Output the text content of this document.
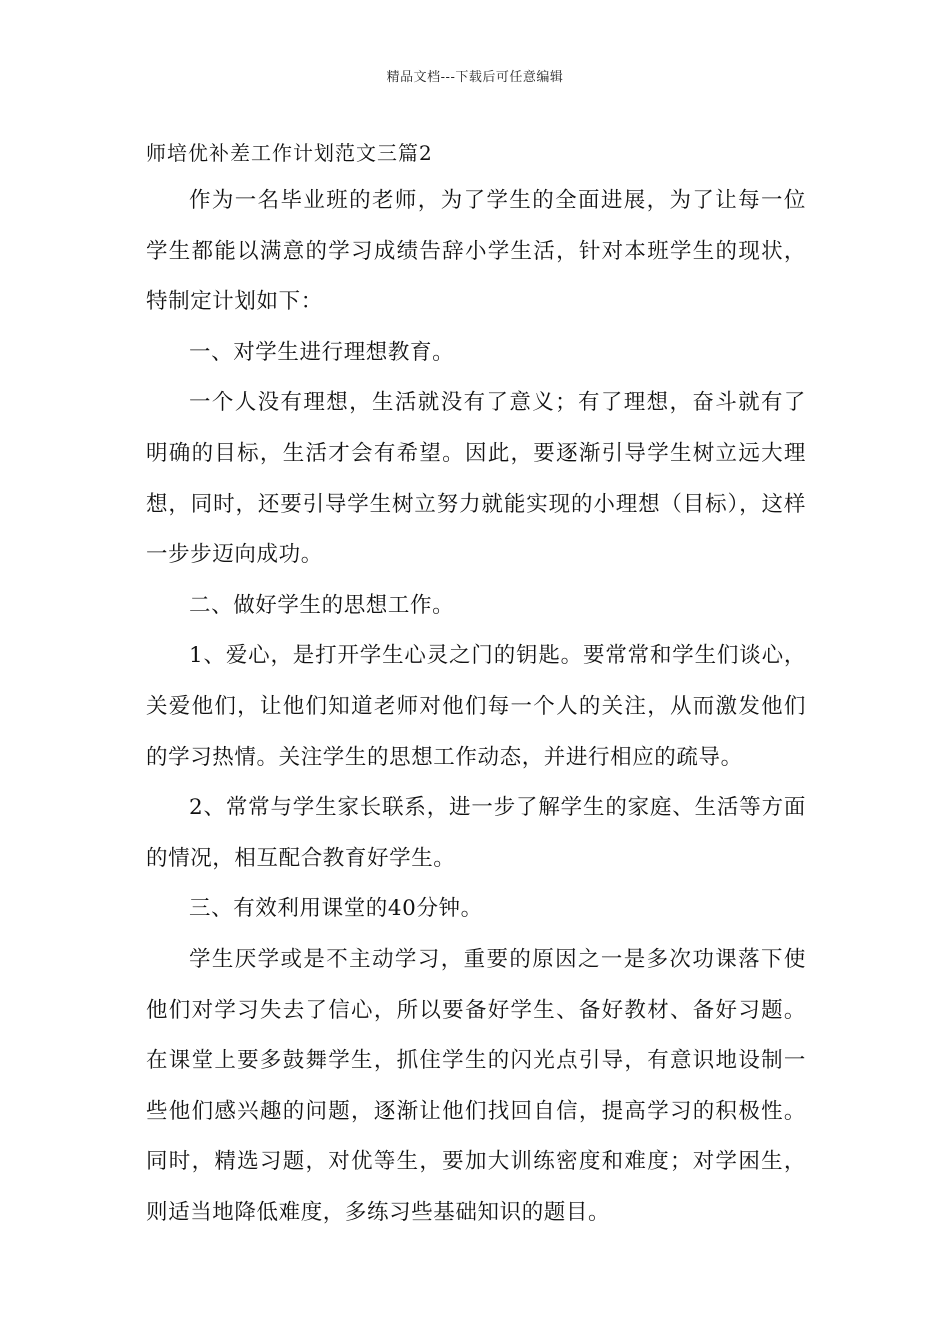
精品文档---下载后可任意编辑
师培优补差工作计划范文三篇2

作为一名毕业班的老师，为了学生的全面进展，为了让每一位学生都能以满意的学习成绩告辞小学生活，针对本班学生的现状，特制定计划如下：

一、对学生进行理想教育。

一个人没有理想，生活就没有了意义；有了理想，奋斗就有了明确的目标，生活才会有希望。因此，要逐渐引导学生树立远大理想，同时，还要引导学生树立努力就能实现的小理想（目标），这样一步步迈向成功。

二、做好学生的思想工作。

1、爱心，是打开学生心灵之门的钥匙。要常常和学生们谈心，关爱他们，让他们知道老师对他们每一个人的关注，从而激发他们的学习热情。关注学生的思想工作动态，并进行相应的疏导。

2、常常与学生家长联系，进一步了解学生的家庭、生活等方面的情况，相互配合教育好学生。

三、有效利用课堂的40分钟。

学生厌学或是不主动学习，重要的原因之一是多次功课落下使他们对学习失去了信心，所以要备好学生、备好教材、备好习题。在课堂上要多鼓舞学生，抓住学生的闪光点引导，有意识地设制一些他们感兴趣的问题，逐渐让他们找回自信，提高学习的积极性。同时，精选习题，对优等生，要加大训练密度和难度；对学困生，则适当地降低难度，多练习些基础知识的题目。
